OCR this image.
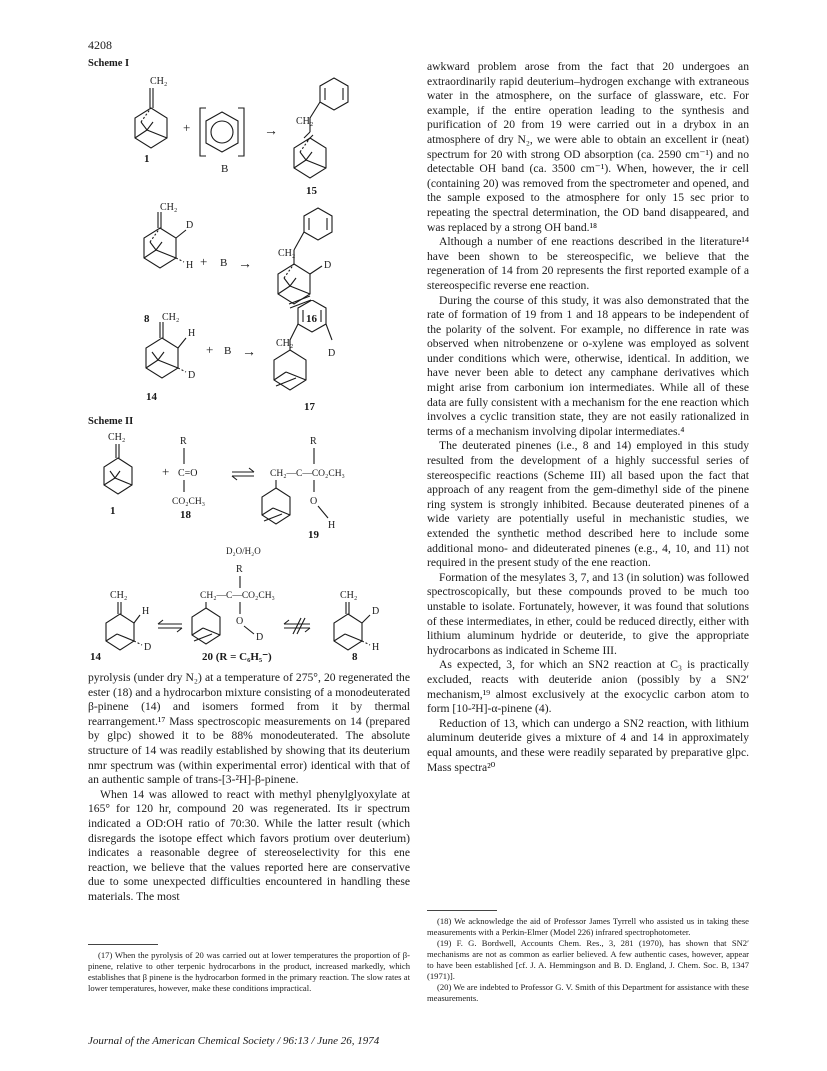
4208
Scheme I
CH₂
1
+
B
→
CH₂
15
CH₂
D
H + B →
CH₂
D
16
8 CH₂
H
D
14
+ B →
CH₂
D
17
Scheme II
CH₂
1
+
R
C=O
CO₂CH₃
18
R
CH₂—C—CO₂CH₃
O
H
19
D₂O/H₂O
R
CH₂—C—CO₂CH₃
O
D
20 (R = C₆H₅⁻)
CH₂
H
D
14
CH₂
D
H
8

pyrolysis (under dry N₂) at a temperature of 275°, 20 regenerated the ester (18) and a hydrocarbon mixture consisting of a monodeuterated β-pinene (14) and isomers formed from it by thermal rearrangement.¹⁷ Mass spectroscopic measurements on 14 (prepared by glpc) showed it to be 88% monodeuterated. The absolute structure of 14 was readily established by showing that its deuterium nmr spectrum was (within experimental error) identical with that of an authentic sample of trans-[3-²H]-β-pinene.

When 14 was allowed to react with methyl phenylglyoxylate at 165° for 120 hr, compound 20 was regenerated. Its ir spectrum indicated a OD:OH ratio of 70:30. While the latter result (which disregards the isotope effect which favors protium over deuterium) indicates a reasonable degree of stereoselectivity for this ene reaction, we believe that the values reported here are conservative due to some unexpected difficulties encountered in handling these materials. The most

(17) When the pyrolysis of 20 was carried out at lower temperatures the proportion of β-pinene, relative to other terpenic hydrocarbons in the product, increased markedly, which establishes that β pinene is the hydrocarbon formed in the primary reaction. The slow rates at lower temperatures, however, make these conditions impractical.

awkward problem arose from the fact that 20 undergoes an extraordinarily rapid deuterium–hydrogen exchange with extraneous water in the atmosphere, on the surface of glassware, etc. For example, if the entire operation leading to the synthesis and purification of 20 from 19 were carried out in a drybox in an atmosphere of dry N₂, we were able to obtain an excellent ir (neat) spectrum for 20 with strong OD absorption (ca. 2590 cm⁻¹) and no detectable OH band (ca. 3500 cm⁻¹). When, however, the ir cell (containing 20) was removed from the spectrometer and opened, and the sample exposed to the atmosphere for only 15 sec prior to repeating the spectral determination, the OD band disappeared, and was replaced by a strong OH band.¹⁸

Although a number of ene reactions described in the literature¹⁴ have been shown to be stereospecific, we believe that the regeneration of 14 from 20 represents the first reported example of a stereospecific reverse ene reaction.

During the course of this study, it was also demonstrated that the rate of formation of 19 from 1 and 18 appears to be independent of the polarity of the solvent. For example, no difference in rate was observed when nitrobenzene or o-xylene was employed as solvent under conditions which were, otherwise, identical. In addition, we have never been able to detect any camphane derivatives which might arise from carbonium ion intermediates. While all of these data are fully consistent with a mechanism for the ene reaction which involves a cyclic transition state, they are not easily rationalized in terms of a mechanism involving dipolar intermediates.⁴

The deuterated pinenes (i.e., 8 and 14) employed in this study resulted from the development of a highly successful series of stereospecific reactions (Scheme III) all based upon the fact that approach of any reagent from the gem-dimethyl side of the pinene ring system is strongly inhibited. Because deuterated pinenes of a wide variety are potentially useful in mechanistic studies, we extended the synthetic method described here to include some additional mono- and dideuterated pinenes (e.g., 4, 10, and 11) not required in the present study of the ene reaction.

Formation of the mesylates 3, 7, and 13 (in solution) was followed spectroscopically, but these compounds proved to be much too unstable to isolate. Fortunately, however, it was found that solutions of these intermediates, in ether, could be reduced directly, either with lithium aluminum hydride or deuteride, to give the appropriate hydrocarbons as indicated in Scheme III.

As expected, 3, for which an SN2 reaction at C₃ is practically excluded, reacts with deuteride anion (possibly by a SN2′ mechanism,¹⁹ almost exclusively at the exocyclic carbon atom to form [10-²H]-α-pinene (4).

Reduction of 13, which can undergo a SN2 reaction, with lithium aluminum deuteride gives a mixture of 4 and 14 in approximately equal amounts, and these were readily separated by preparative glpc. Mass spectra²⁰

(18) We acknowledge the aid of Professor James Tyrrell who assisted us in taking these measurements with a Perkin-Elmer (Model 226) infrared spectrophotometer.

(19) F. G. Bordwell, Accounts Chem. Res., 3, 281 (1970), has shown that SN2′ mechanisms are not as common as earlier believed. A few authentic cases, however, appear to have been established [cf. J. A. Hemmingson and B. D. England, J. Chem. Soc. B, 1347 (1971)].

(20) We are indebted to Professor G. V. Smith of this Department for assistance with these measurements.

Journal of the American Chemical Society / 96:13 / June 26, 1974
